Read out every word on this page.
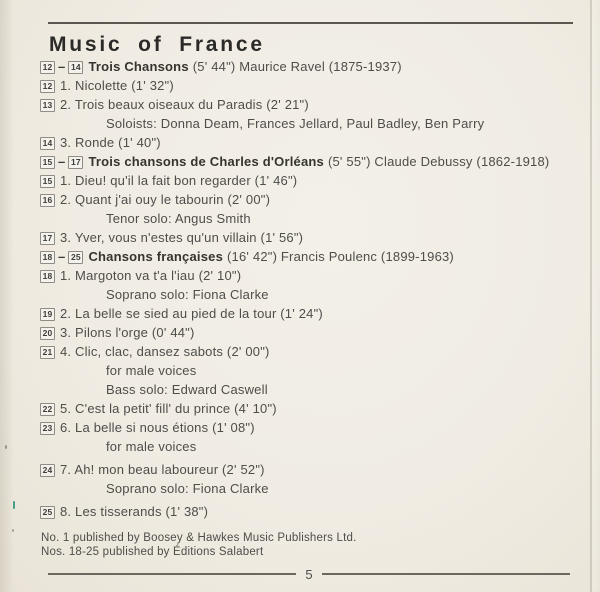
Music of France
12 – 14 Trois Chansons (5' 44") Maurice Ravel (1875-1937)
12 1. Nicolette (1' 32")
13 2. Trois beaux oiseaux du Paradis (2' 21")
Soloists: Donna Deam, Frances Jellard, Paul Badley, Ben Parry
14 3. Ronde (1' 40")
15 – 17 Trois chansons de Charles d'Orléans (5' 55") Claude Debussy (1862-1918)
15 1. Dieu! qu'il la fait bon regarder (1' 46")
16 2. Quant j'ai ouy le tabourin (2' 00")
Tenor solo: Angus Smith
17 3. Yver, vous n'estes qu'un villain (1' 56")
18 – 25 Chansons françaises (16' 42") Francis Poulenc (1899-1963)
18 1. Margoton va t'a l'iau (2' 10")
Soprano solo: Fiona Clarke
19 2. La belle se sied au pied de la tour (1' 24")
20 3. Pilons l'orge (0' 44")
21 4. Clic, clac, dansez sabots (2' 00")
for male voices
Bass solo: Edward Caswell
22 5. C'est la petit' fill' du prince (4' 10")
23 6. La belle si nous étions (1' 08")
for male voices
24 7. Ah! mon beau laboureur (2' 52")
Soprano solo: Fiona Clarke
25 8. Les tisserands (1' 38")
No. 1 published by Boosey & Hawkes Music Publishers Ltd.
Nos. 18-25 published by Éditions Salabert
5
